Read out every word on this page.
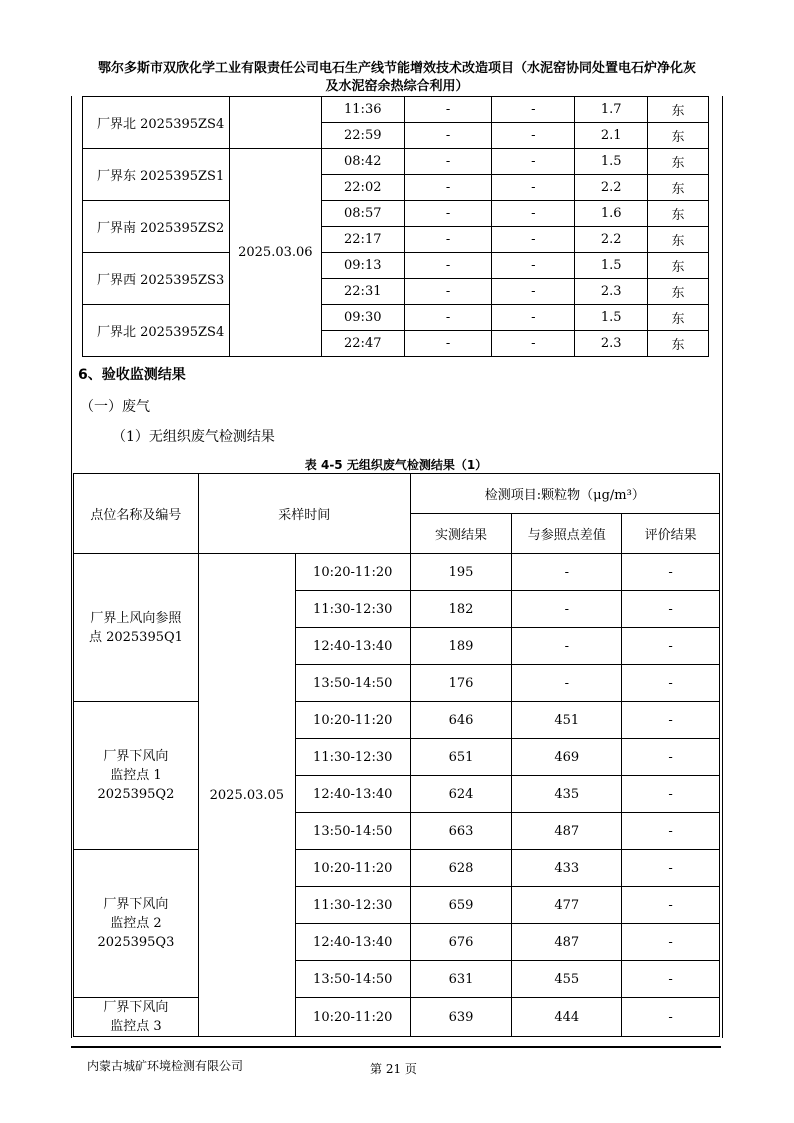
鄂尔多斯市双欣化学工业有限责任公司电石生产线节能增效技术改造项目（水泥窑协同处置电石炉净化灰
及水泥窑余热综合利用）
厂界北 2025395ZS4		11:36	-	-	1.7	东
		22:59	-	-	2.1	东
厂界东 2025395ZS1	2025.03.06	08:42	-	-	1.5	东
		22:02	-	-	2.2	东
厂界南 2025395ZS2		08:57	-	-	1.6	东
		22:17	-	-	2.2	东
厂界西 2025395ZS3		09:13	-	-	1.5	东
		22:31	-	-	2.3	东
厂界北 2025395ZS4		09:30	-	-	1.5	东
		22:47	-	-	2.3	东
6、验收监测结果
（一）废气
（1）无组织废气检测结果
表 4-5 无组织废气检测结果（1）
点位名称及编号	采样时间		检测项目:颗粒物（μg/m³）		
			实测结果	与参照点差值	评价结果

厂界上风向参照
点 2025395Q1	2025.03.05	10:20-11:20	195	-	-
		11:30-12:30	182	-	-
		12:40-13:40	189	-	-
		13:50-14:50	176	-	-

厂界下风向
监控点 1
2025395Q2		10:20-11:20	646	451	-
		11:30-12:30	651	469	-
		12:40-13:40	624	435	-
		13:50-14:50	663	487	-

厂界下风向
监控点 2
2025395Q3		10:20-11:20	628	433	-
		11:30-12:30	659	477	-
		12:40-13:40	676	487	-
		13:50-14:50	631	455	-

厂界下风向
监控点 3		10:20-11:20	639	444	-
内蒙古城矿环境检测有限公司	第 21 页
